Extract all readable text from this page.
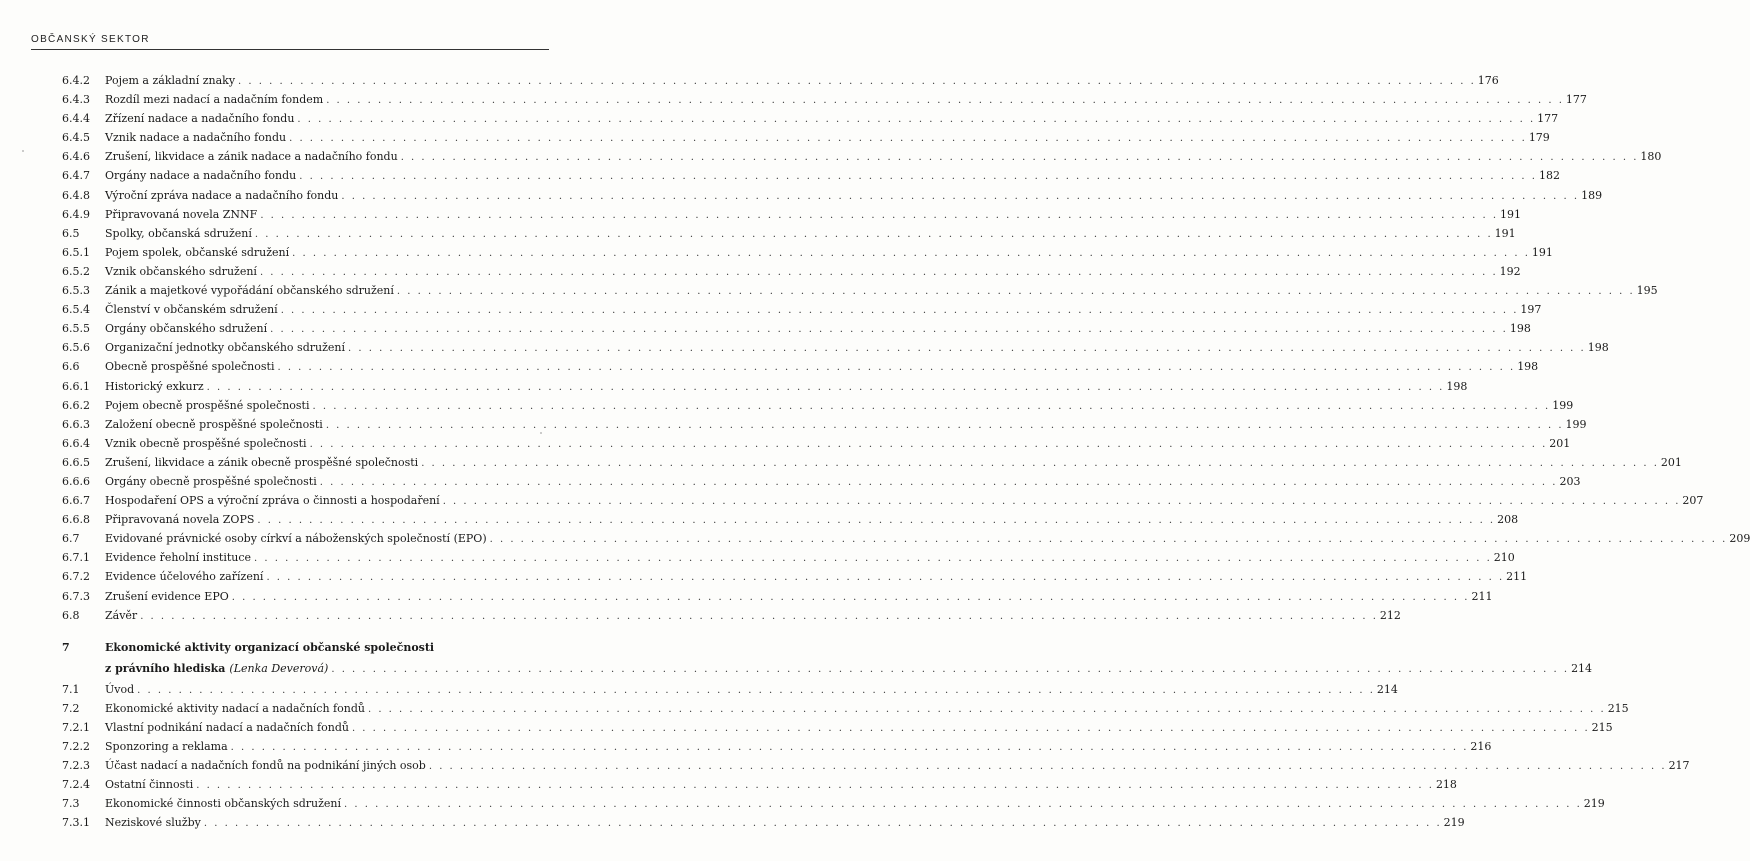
OBČANSKÝ SEKTOR
6.4.2 Pojem a základní znaky . . . . . . . . . . . . . . . . . . . . . . . . . . . . . . . . . . . . . . . . . . . . . . . . . . . . . . . . . . . . . . . . . . . . . . . . . . . . . . . . . . . . . . . . . . . . . . . . . . . . . . . . . . . . . . . . . . . . . . . . 176
6.4.3 Rozdíl mezi nadací a nadačním fondem . . . . . . . . . . . . . . . . . . . . . . . . . . . . . . . . . . . . . . . . . . . . . . . . . . . . . . . . . . . . . . . . . . . . . . . . . . . . . . . . . . . . . . . . . . . . . . . . . . . . . . . . . . . . . . . . . . . . . . . . 177
6.4.4 Zřízení nadace a nadačního fondu . . . . . . . . . . . . . . . . . . . . . . . . . . . . . . . . . . . . . . . . . . . . . . . . . . . . . . . . . . . . . . . . . . . . . . . . . . . . . . . . . . . . . . . . . . . . . . . . . . . . . . . . . . . . . . . . . . . . . . . . 177
6.4.5 Vznik nadace a nadačního fondu . . . . . . . . . . . . . . . . . . . . . . . . . . . . . . . . . . . . . . . . . . . . . . . . . . . . . . . . . . . . . . . . . . . . . . . . . . . . . . . . . . . . . . . . . . . . . . . . . . . . . . . . . . . . . . . . . . . . . . . . 179
6.4.6 Zrušení, likvidace a zánik nadace a nadačního fondu . . . . . . . . . . . . . . . . . . . . . . . . . . . . . . . . . . . . . . . . . . . . . . . . . . . . . . . . . . . . . . . . . . . . . . . . . . . . . . . . . . . . . . . . . . . . . . . . . . . . . . . . . . . . . . . . . . . . . . . . 180
6.4.7 Orgány nadace a nadačního fondu . . . . . . . . . . . . . . . . . . . . . . . . . . . . . . . . . . . . . . . . . . . . . . . . . . . . . . . . . . . . . . . . . . . . . . . . . . . . . . . . . . . . . . . . . . . . . . . . . . . . . . . . . . . . . . . . . . . . . . . . 182
6.4.8 Výroční zpráva nadace a nadačního fondu . . . . . . . . . . . . . . . . . . . . . . . . . . . . . . . . . . . . . . . . . . . . . . . . . . . . . . . . . . . . . . . . . . . . . . . . . . . . . . . . . . . . . . . . . . . . . . . . . . . . . . . . . . . . . . . . . . . . . . . . 189
6.4.9 Připravovaná novela ZNNF . . . . . . . . . . . . . . . . . . . . . . . . . . . . . . . . . . . . . . . . . . . . . . . . . . . . . . . . . . . . . . . . . . . . . . . . . . . . . . . . . . . . . . . . . . . . . . . . . . . . . . . . . . . . . . . . . . . . . . . . 191
6.5 Spolky, občanská sdružení . . . . . . . . . . . . . . . . . . . . . . . . . . . . . . . . . . . . . . . . . . . . . . . . . . . . . . . . . . . . . . . . . . . . . . . . . . . . . . . . . . . . . . . . . . . . . . . . . . . . . . . . . . . . . . . . . . . . . . . . 191
6.5.1 Pojem spolek, občanské sdružení . . . . . . . . . . . . . . . . . . . . . . . . . . . . . . . . . . . . . . . . . . . . . . . . . . . . . . . . . . . . . . . . . . . . . . . . . . . . . . . . . . . . . . . . . . . . . . . . . . . . . . . . . . . . . . . . . . . . . . . . 191
6.5.2 Vznik občanského sdružení . . . . . . . . . . . . . . . . . . . . . . . . . . . . . . . . . . . . . . . . . . . . . . . . . . . . . . . . . . . . . . . . . . . . . . . . . . . . . . . . . . . . . . . . . . . . . . . . . . . . . . . . . . . . . . . . . . . . . . . . 192
6.5.3 Zánik a majetkové vypořádání občanského sdružení . . . . . . . . . . . . . . . . . . . . . . . . . . . . . . . . . . . . . . . . . . . . . . . . . . . . . . . . . . . . . . . . . . . . . . . . . . . . . . . . . . . . . . . . . . . . . . . . . . . . . . . . . . . . . . . . . . . . . . . . 195
6.5.4 Členství v občanském sdružení . . . . . . . . . . . . . . . . . . . . . . . . . . . . . . . . . . . . . . . . . . . . . . . . . . . . . . . . . . . . . . . . . . . . . . . . . . . . . . . . . . . . . . . . . . . . . . . . . . . . . . . . . . . . . . . . . . . . . . . . 197
6.5.5 Orgány občanského sdružení . . . . . . . . . . . . . . . . . . . . . . . . . . . . . . . . . . . . . . . . . . . . . . . . . . . . . . . . . . . . . . . . . . . . . . . . . . . . . . . . . . . . . . . . . . . . . . . . . . . . . . . . . . . . . . . . . . . . . . . . 198
6.5.6 Organizační jednotky občanského sdružení . . . . . . . . . . . . . . . . . . . . . . . . . . . . . . . . . . . . . . . . . . . . . . . . . . . . . . . . . . . . . . . . . . . . . . . . . . . . . . . . . . . . . . . . . . . . . . . . . . . . . . . . . . . . . . . . . . . . . . . . 198
6.6 Obecně prospěšné společnosti . . . . . . . . . . . . . . . . . . . . . . . . . . . . . . . . . . . . . . . . . . . . . . . . . . . . . . . . . . . . . . . . . . . . . . . . . . . . . . . . . . . . . . . . . . . . . . . . . . . . . . . . . . . . . . . . . . . . . . . . 198
6.6.1 Historický exkurz . . . . . . . . . . . . . . . . . . . . . . . . . . . . . . . . . . . . . . . . . . . . . . . . . . . . . . . . . . . . . . . . . . . . . . . . . . . . . . . . . . . . . . . . . . . . . . . . . . . . . . . . . . . . . . . . . . . . . . . . 198
6.6.2 Pojem obecně prospěšné společnosti . . . . . . . . . . . . . . . . . . . . . . . . . . . . . . . . . . . . . . . . . . . . . . . . . . . . . . . . . . . . . . . . . . . . . . . . . . . . . . . . . . . . . . . . . . . . . . . . . . . . . . . . . . . . . . . . . . . . . . . . 199
6.6.3 Založení obecně prospěšné společnosti . . . . . . . . . . . . . . . . . . . . . . . . . . . . . . . . . . . . . . . . . . . . . . . . . . . . . . . . . . . . . . . . . . . . . . . . . . . . . . . . . . . . . . . . . . . . . . . . . . . . . . . . . . . . . . . . . . . . . . . . 199
6.6.4 Vznik obecně prospěšné společnosti . . . . . . . . . . . . . . . . . . . . . . . . . . . . . . . . . . . . . . . . . . . . . . . . . . . . . . . . . . . . . . . . . . . . . . . . . . . . . . . . . . . . . . . . . . . . . . . . . . . . . . . . . . . . . . . . . . . . . . . . 201
6.6.5 Zrušení, likvidace a zánik obecně prospěšné společnosti . . . . . . . . . . . . . . . . . . . . . . . . . . . . . . . . . . . . . . . . . . . . . . . . . . . . . . . . . . . . . . . . . . . . . . . . . . . . . . . . . . . . . . . . . . . . . . . . . . . . . . . . . . . . . . . . . . . . . . . . 201
6.6.6 Orgány obecně prospěšné společnosti . . . . . . . . . . . . . . . . . . . . . . . . . . . . . . . . . . . . . . . . . . . . . . . . . . . . . . . . . . . . . . . . . . . . . . . . . . . . . . . . . . . . . . . . . . . . . . . . . . . . . . . . . . . . . . . . . . . . . . . . 203
6.6.7 Hospodaření OPS a výroční zpráva o činnosti a hospodaření . . . . . . . . . . . . . . . . . . . . . . . . . . . . . . . . . . . . . . . . . . . . . . . . . . . . . . . . . . . . . . . . . . . . . . . . . . . . . . . . . . . . . . . . . . . . . . . . . . . . . . . . . . . . . . . . . . . . . . . . 207
6.6.8 Připravovaná novela ZOPS . . . . . . . . . . . . . . . . . . . . . . . . . . . . . . . . . . . . . . . . . . . . . . . . . . . . . . . . . . . . . . . . . . . . . . . . . . . . . . . . . . . . . . . . . . . . . . . . . . . . . . . . . . . . . . . . . . . . . . . . 208
6.7 Evidované právnické osoby církví a náboženských společností (EPO) . . . . . . . . . . . . . . . . . . . . . . . . . . . . . . . . . . . . . . . . . . . . . . . . . . . . . . . . . . . . . . . . . . . . . . . . . . . . . . . . . . . . . . . . . . . . . . . . . . . . . . . . . . . . . . . . . . . . . . . . 209
6.7.1 Evidence řeholní instituce . . . . . . . . . . . . . . . . . . . . . . . . . . . . . . . . . . . . . . . . . . . . . . . . . . . . . . . . . . . . . . . . . . . . . . . . . . . . . . . . . . . . . . . . . . . . . . . . . . . . . . . . . . . . . . . . . . . . . . . . 210
6.7.2 Evidence účelového zařízení . . . . . . . . . . . . . . . . . . . . . . . . . . . . . . . . . . . . . . . . . . . . . . . . . . . . . . . . . . . . . . . . . . . . . . . . . . . . . . . . . . . . . . . . . . . . . . . . . . . . . . . . . . . . . . . . . . . . . . . . 211
6.7.3 Zrušení evidence EPO . . . . . . . . . . . . . . . . . . . . . . . . . . . . . . . . . . . . . . . . . . . . . . . . . . . . . . . . . . . . . . . . . . . . . . . . . . . . . . . . . . . . . . . . . . . . . . . . . . . . . . . . . . . . . . . . . . . . . . . . 211
6.8 Závěr . . . . . . . . . . . . . . . . . . . . . . . . . . . . . . . . . . . . . . . . . . . . . . . . . . . . . . . . . . . . . . . . . . . . . . . . . . . . . . . . . . . . . . . . . . . . . . . . . . . . . . . . . . . . . . . . . . . . . . . . 212
7	Ekonomické aktivity organizací občanské společnosti
z právního hlediska (Lenka Deverová) . . . . . . . . . . . . . . . . . . . . . . . . . . . . . . . . . . . . . . . . . . . . . . . . . . . . . . . . . . . . . . . . . . . . . . . . . . . . . . . . . . . . . . . . . . . . . . . . . . . . . . . . . . . . . . . . . . . . . . . . 214
7.1 Úvod . . . . . . . . . . . . . . . . . . . . . . . . . . . . . . . . . . . . . . . . . . . . . . . . . . . . . . . . . . . . . . . . . . . . . . . . . . . . . . . . . . . . . . . . . . . . . . . . . . . . . . . . . . . . . . . . . . . . . . . . 214
7.2 Ekonomické aktivity nadací a nadačních fondů . . . . . . . . . . . . . . . . . . . . . . . . . . . . . . . . . . . . . . . . . . . . . . . . . . . . . . . . . . . . . . . . . . . . . . . . . . . . . . . . . . . . . . . . . . . . . . . . . . . . . . . . . . . . . . . . . . . . . . . . 215
7.2.1 Vlastní podnikání nadací a nadačních fondů . . . . . . . . . . . . . . . . . . . . . . . . . . . . . . . . . . . . . . . . . . . . . . . . . . . . . . . . . . . . . . . . . . . . . . . . . . . . . . . . . . . . . . . . . . . . . . . . . . . . . . . . . . . . . . . . . . . . . . . . 215
7.2.2 Sponzoring a reklama . . . . . . . . . . . . . . . . . . . . . . . . . . . . . . . . . . . . . . . . . . . . . . . . . . . . . . . . . . . . . . . . . . . . . . . . . . . . . . . . . . . . . . . . . . . . . . . . . . . . . . . . . . . . . . . . . . . . . . . . 216
7.2.3 Účast nadací a nadačních fondů na podnikání jiných osob . . . . . . . . . . . . . . . . . . . . . . . . . . . . . . . . . . . . . . . . . . . . . . . . . . . . . . . . . . . . . . . . . . . . . . . . . . . . . . . . . . . . . . . . . . . . . . . . . . . . . . . . . . . . . . . . . . . . . . . . 217
7.2.4 Ostatní činnosti . . . . . . . . . . . . . . . . . . . . . . . . . . . . . . . . . . . . . . . . . . . . . . . . . . . . . . . . . . . . . . . . . . . . . . . . . . . . . . . . . . . . . . . . . . . . . . . . . . . . . . . . . . . . . . . . . . . . . . . . 218
7.3 Ekonomické činnosti občanských sdružení . . . . . . . . . . . . . . . . . . . . . . . . . . . . . . . . . . . . . . . . . . . . . . . . . . . . . . . . . . . . . . . . . . . . . . . . . . . . . . . . . . . . . . . . . . . . . . . . . . . . . . . . . . . . . . . . . . . . . . . . 219
7.3.1 Neziskové služby . . . . . . . . . . . . . . . . . . . . . . . . . . . . . . . . . . . . . . . . . . . . . . . . . . . . . . . . . . . . . . . . . . . . . . . . . . . . . . . . . . . . . . . . . . . . . . . . . . . . . . . . . . . . . . . . . . . . . . . . 219
